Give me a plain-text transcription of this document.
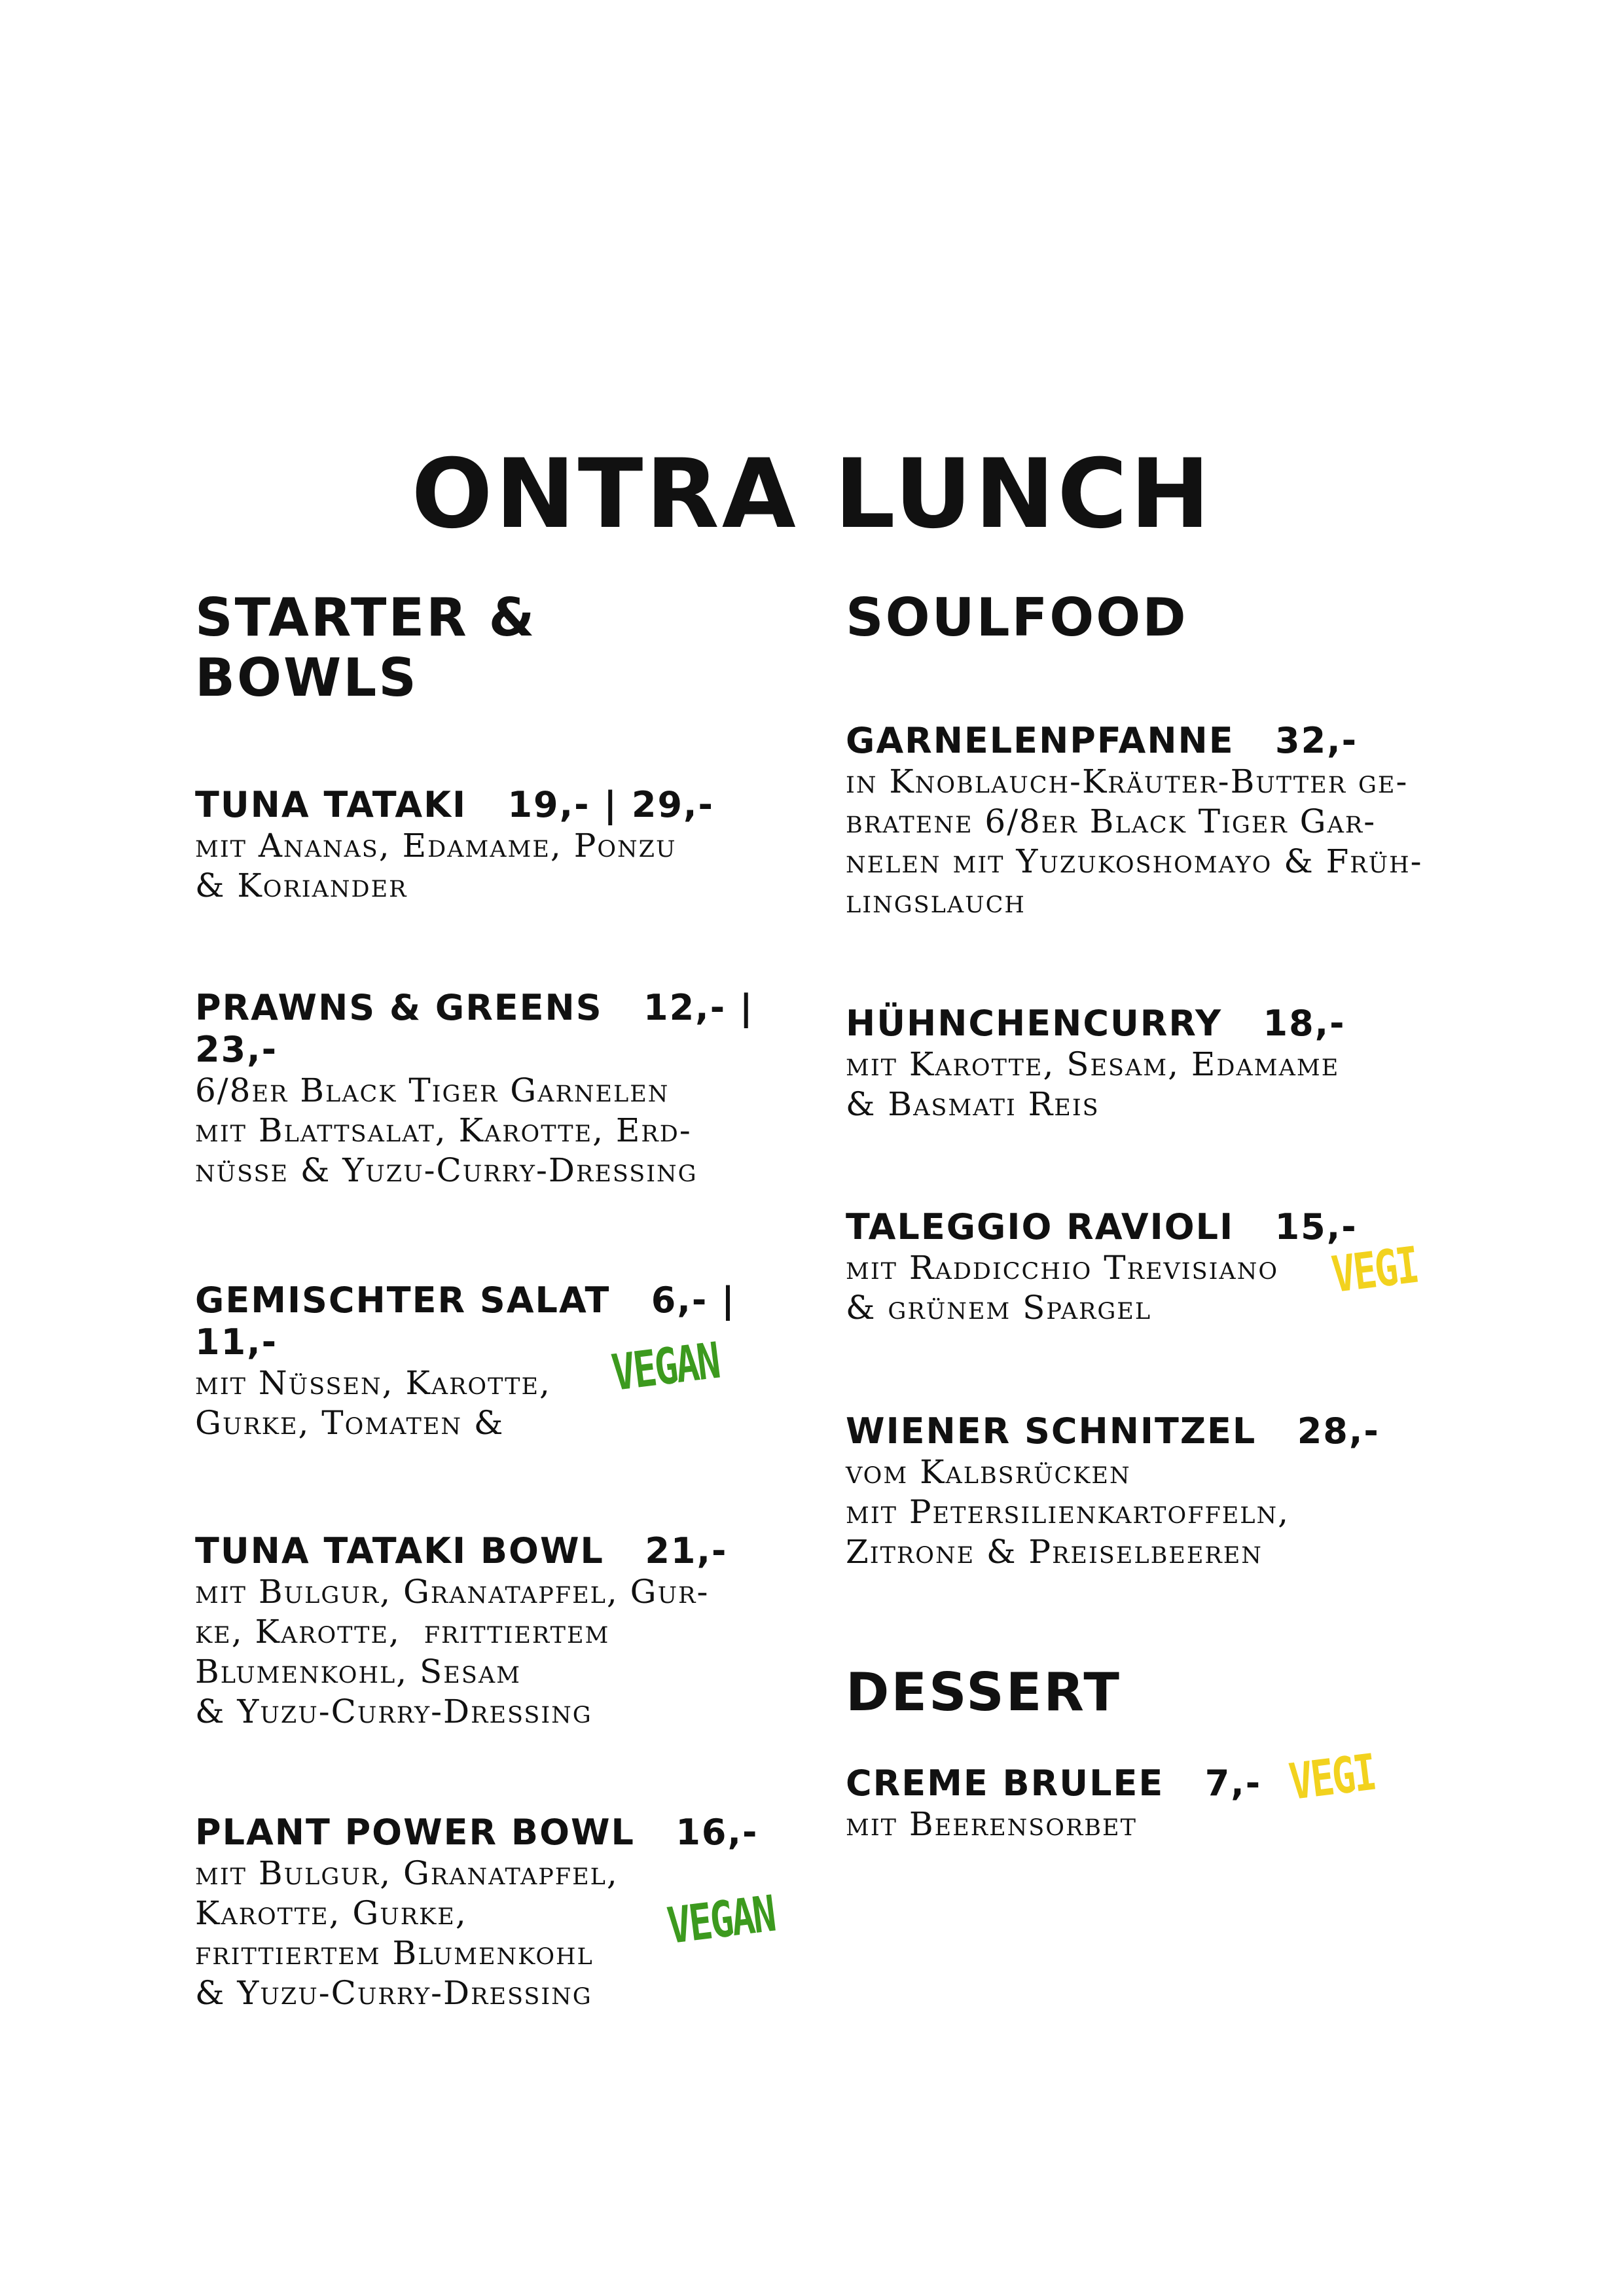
ONTRA LUNCH
STARTER &
BOWLS

TUNA TATAKI   19,- | 29,-

mit Ananas, Edamame, Ponzu
& Koriander

PRAWNS & GREENS   12,- |
23,-

6/8er Black Tiger Garnelen
mit Blattsalat, Karotte, Erd-
nüsse & Yuzu-Curry-Dressing

GEMISCHTER SALAT   6,- |
11,-

mit Nüssen, Karotte,
Gurke, Tomaten &

VEGAN

TUNA TATAKI BOWL   21,-

mit Bulgur, Granatapfel, Gur-
ke, Karotte,  frittiertem
Blumenkohl, Sesam
& Yuzu-Curry-Dressing

PLANT POWER BOWL   16,-

mit Bulgur, Granatapfel,
Karotte, Gurke,
frittiertem Blumenkohl
& Yuzu-Curry-Dressing

VEGAN
SOULFOOD

GARNELENPFANNE   32,-

in Knoblauch-Kräuter-Butter ge-
bratene 6/8er Black Tiger Gar-
nelen mit Yuzukoshomayo & Früh-
lingslauch

HÜHNCHENCURRY   18,-

mit Karotte, Sesam, Edamame
& Basmati Reis

TALEGGIO RAVIOLI   15,-

mit Raddicchio Trevisiano
& grünem Spargel

VEGI

WIENER SCHNITZEL   28,-

vom Kalbsrücken
mit Petersilienkartoffeln,
Zitrone & Preiselbeeren

DESSERT

CREME BRULEE   7,-

mit Beerensorbet

VEGI
